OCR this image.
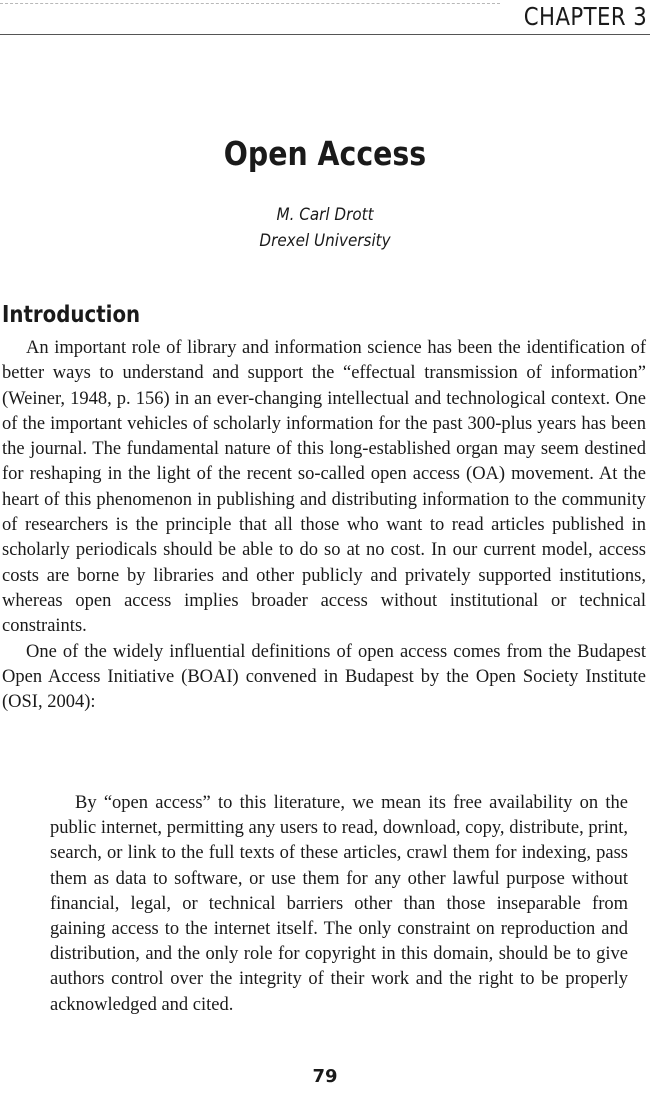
CHAPTER 3
Open Access
M. Carl Drott
Drexel University
Introduction

An important role of library and information science has been the identification of better ways to understand and support the “effectual transmission of information” (Weiner, 1948, p. 156) in an ever-changing intellectual and technological context. One of the important vehicles of scholarly information for the past 300-plus years has been the journal. The fundamental nature of this long-established organ may seem destined for reshaping in the light of the recent so-called open access (OA) movement. At the heart of this phenomenon in publishing and distributing information to the community of researchers is the principle that all those who want to read articles published in scholarly periodicals should be able to do so at no cost. In our current model, access costs are borne by libraries and other publicly and privately supported institutions, whereas open access implies broader access without institutional or technical constraints.

One of the widely influential definitions of open access comes from the Budapest Open Access Initiative (BOAI) convened in Budapest by the Open Society Institute (OSI, 2004):

By “open access” to this literature, we mean its free availability on the public internet, permitting any users to read, download, copy, distribute, print, search, or link to the full texts of these articles, crawl them for indexing, pass them as data to software, or use them for any other lawful purpose without financial, legal, or technical barriers other than those inseparable from gaining access to the internet itself. The only constraint on reproduction and distribution, and the only role for copyright in this domain, should be to give authors control over the integrity of their work and the right to be properly acknowledged and cited.

79
